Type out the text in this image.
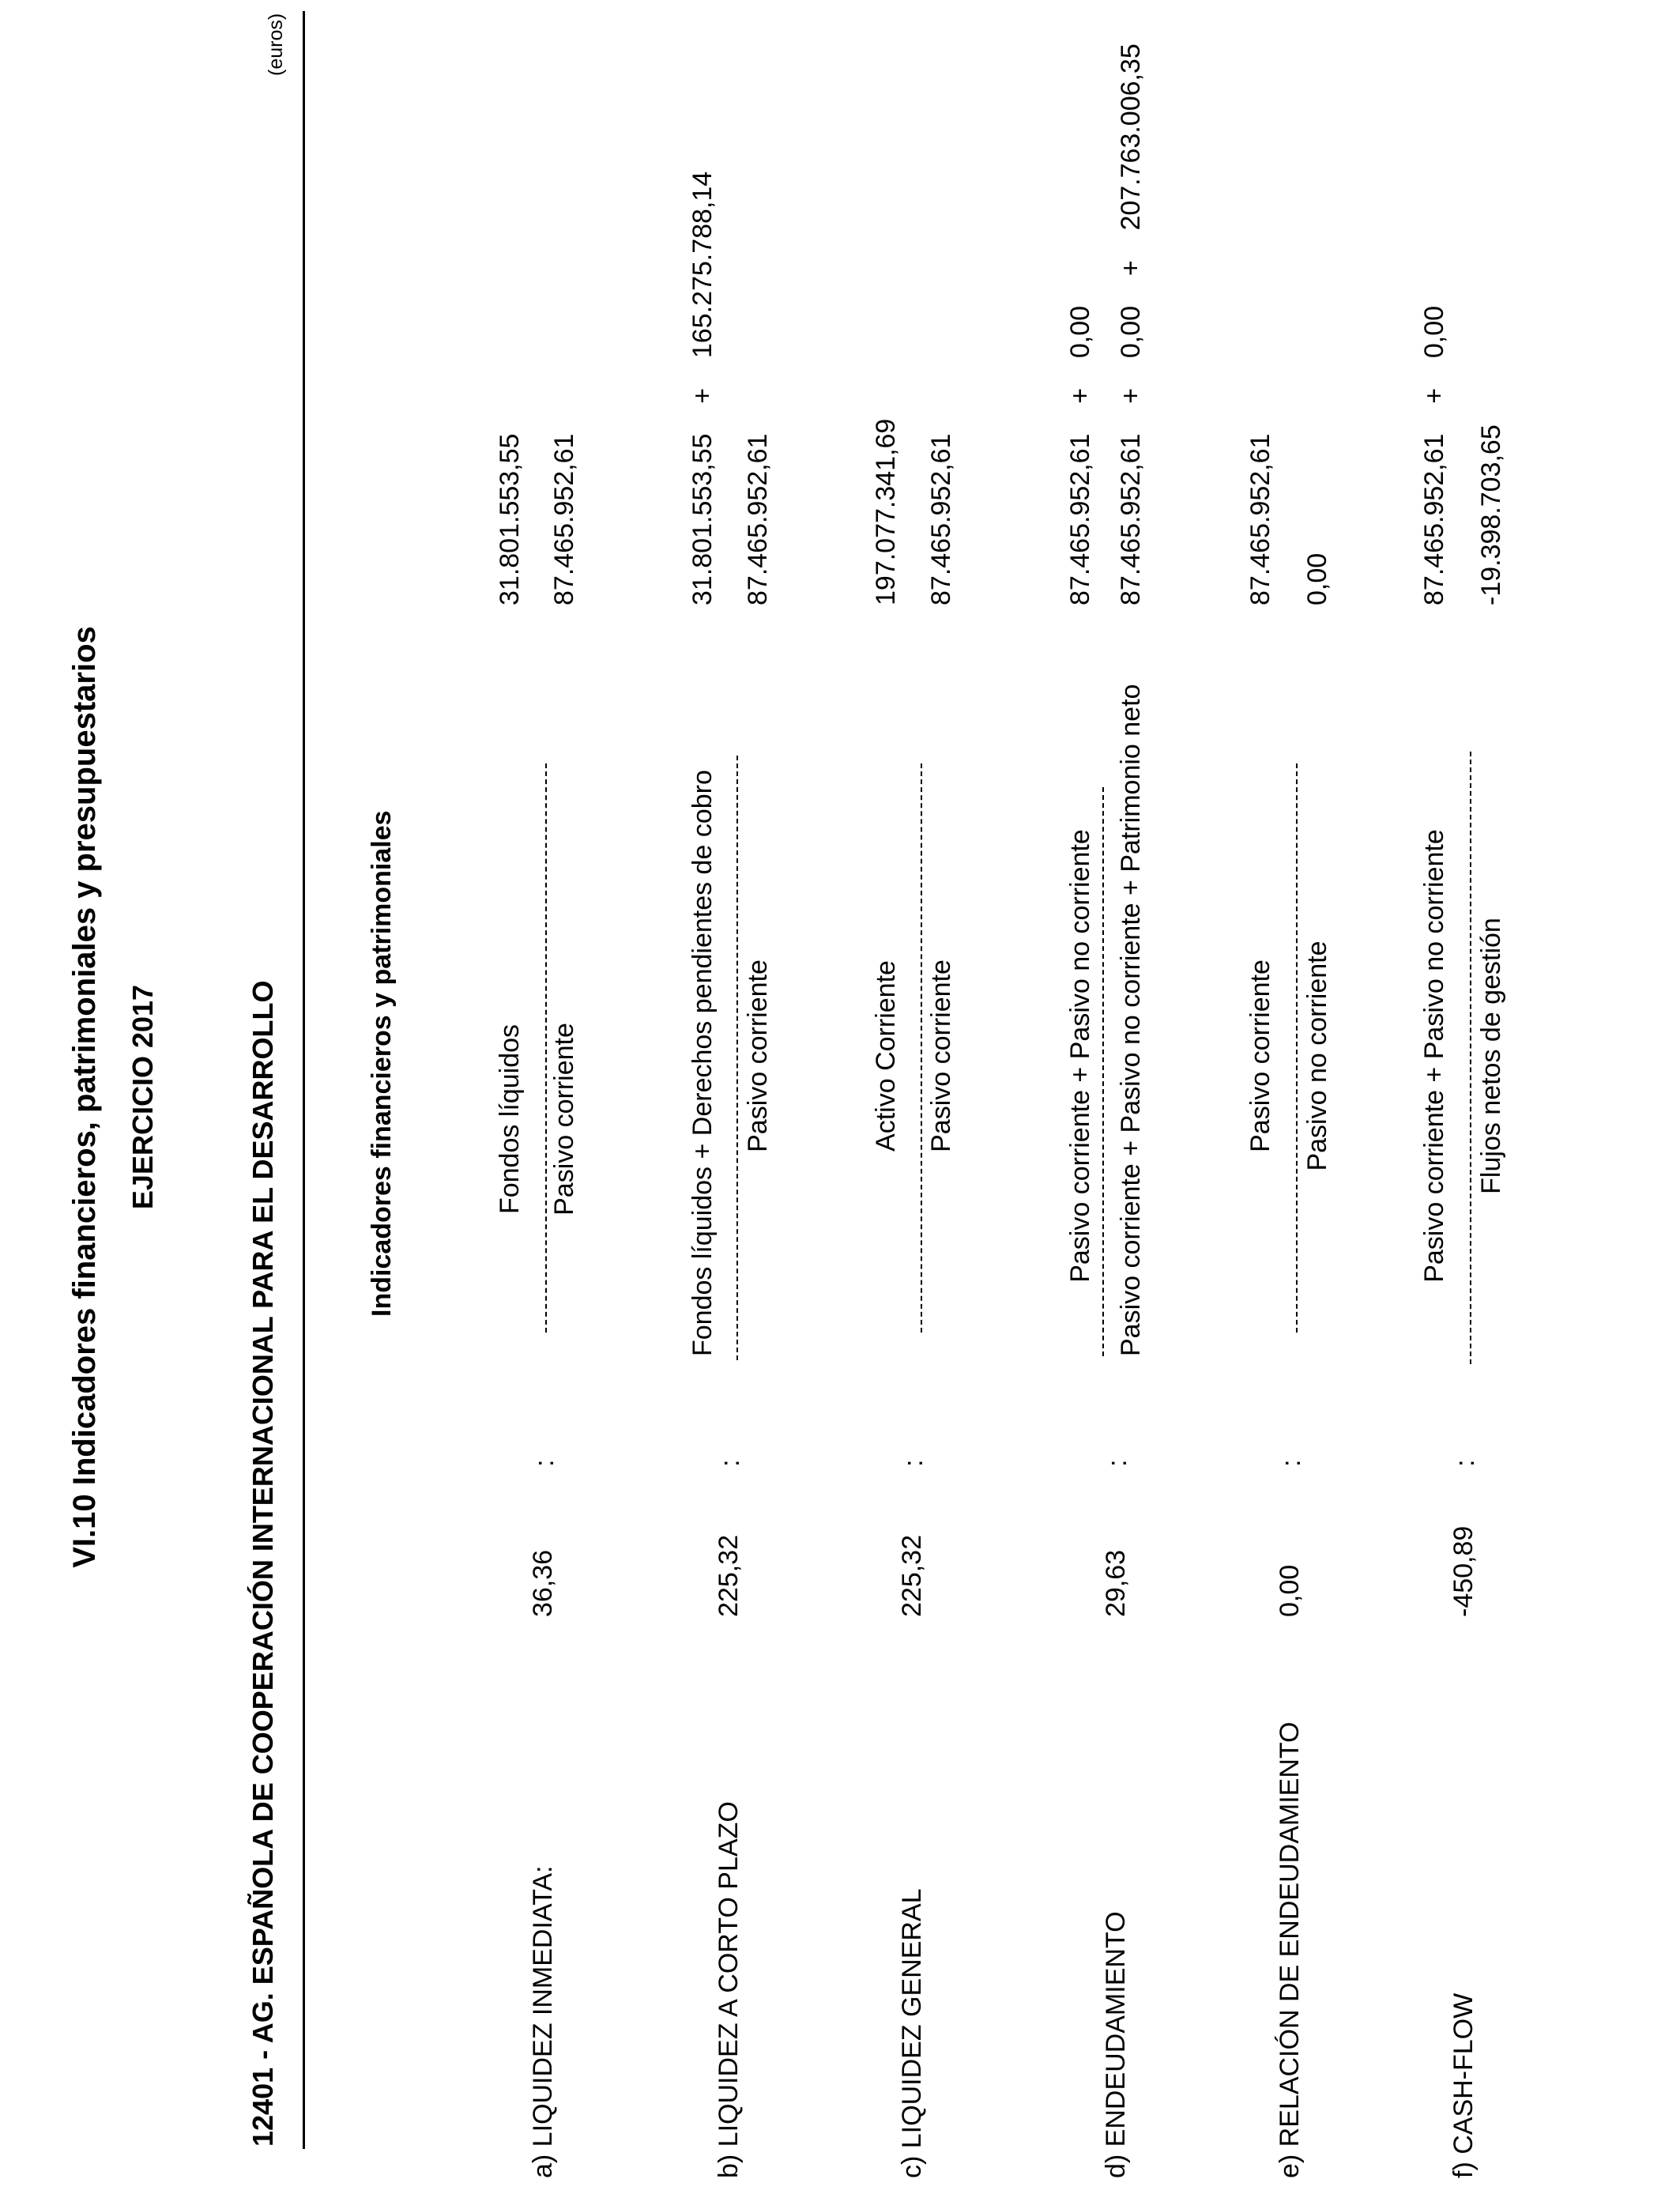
VI.10 Indicadores financieros, patrimoniales y presupuestarios EJERCICIO 2017	12401 - AG. ESPAÑOLA DE COOPERACIÓN INTERNACIONAL PARA EL DESARROLLO
(euros)
Indicadores financieros y patrimoniales
a) LIQUIDEZ INMEDIATA:
36,36
:
Fondos líquidos Pasivo corriente
31.801.553,55 87.465.952,61
b) LIQUIDEZ A CORTO PLAZO
225,32
:
Fondos líquidos + Derechos pendientes de cobro Pasivo corriente
31.801.553,55    +    165.275.788,14 87.465.952,61
c) LIQUIDEZ GENERAL
225,32
:
Activo Corriente Pasivo corriente
197.077.341,69 87.465.952,61
d) ENDEUDAMIENTO
29,63
:
Pasivo corriente + Pasivo no corriente Pasivo corriente + Pasivo no corriente + Patrimonio neto
87.465.952,61    +    0,00 87.465.952,61    +    0,00    +    207.763.006,35
e) RELACIÓN DE ENDEUDAMIENTO
0,00
:
Pasivo corriente Pasivo no corriente
87.465.952,61 0,00
f) CASH-FLOW
-450,89
:
Pasivo corriente + Pasivo no corriente Flujos netos de gestión
87.465.952,61    +    0,00 -19.398.703,65
